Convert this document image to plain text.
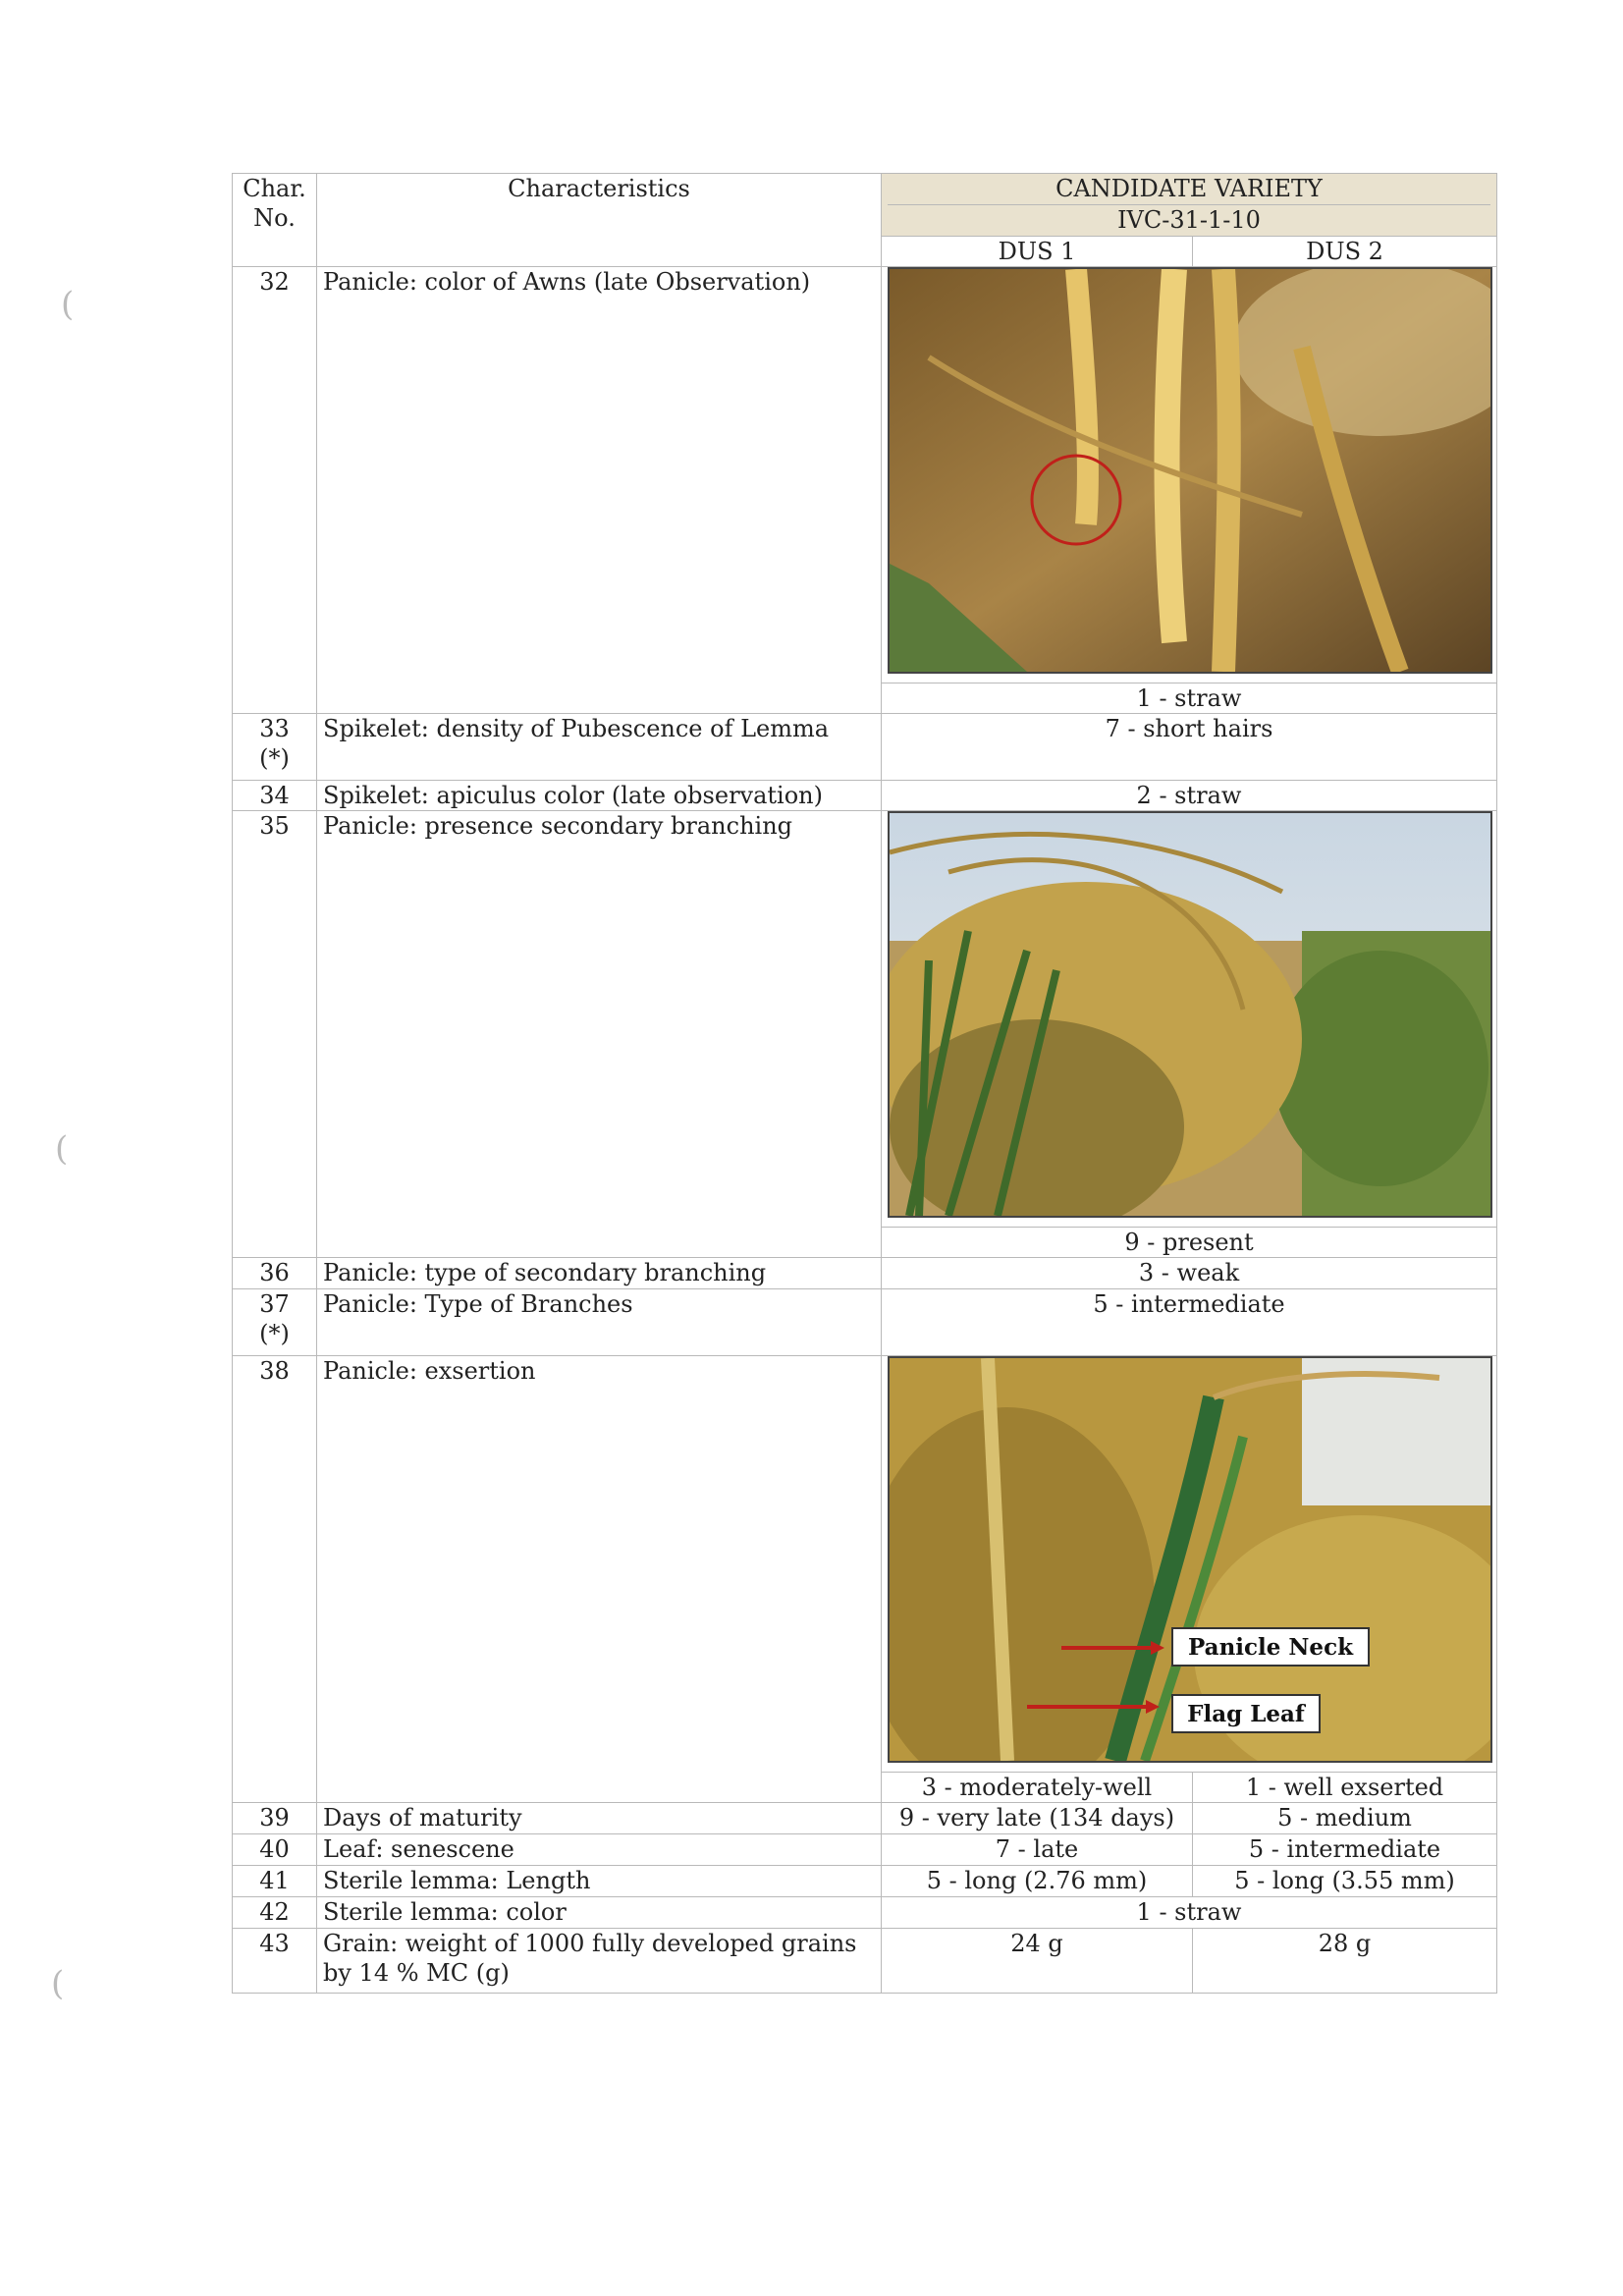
(
(
(
Char. No.	Characteristics	CANDIDATE VARIETY
IVC-31-1-10	

		DUS 1	DUS 2
32	Panicle: color of Awns (late Observation)	

		1 - straw	

33
(*)	Spikelet: density of Pubescence of Lemma	7 - short hairs	
34	Spikelet: apiculus color (late observation)	2 - straw	
35	Panicle: presence secondary branching	

		9 - present	
36	Panicle: type of secondary branching	3 - weak	

37
(*)	Panicle: Type of Branches	5 - intermediate	
38	Panicle: exsertion	Panicle Neck
Flag Leaf	

		3 - moderately-well	1 - well exserted
39	Days of maturity	9 - very late (134 days)	5 - medium
40	Leaf: senescene	7 - late	5 - intermediate
41	Sterile lemma: Length	5 - long (2.76 mm)	5 - long (3.55 mm)
42	Sterile lemma: color	1 - straw	
43	Grain: weight of 1000 fully developed grains by 14 % MC (g)	24 g	28 g
